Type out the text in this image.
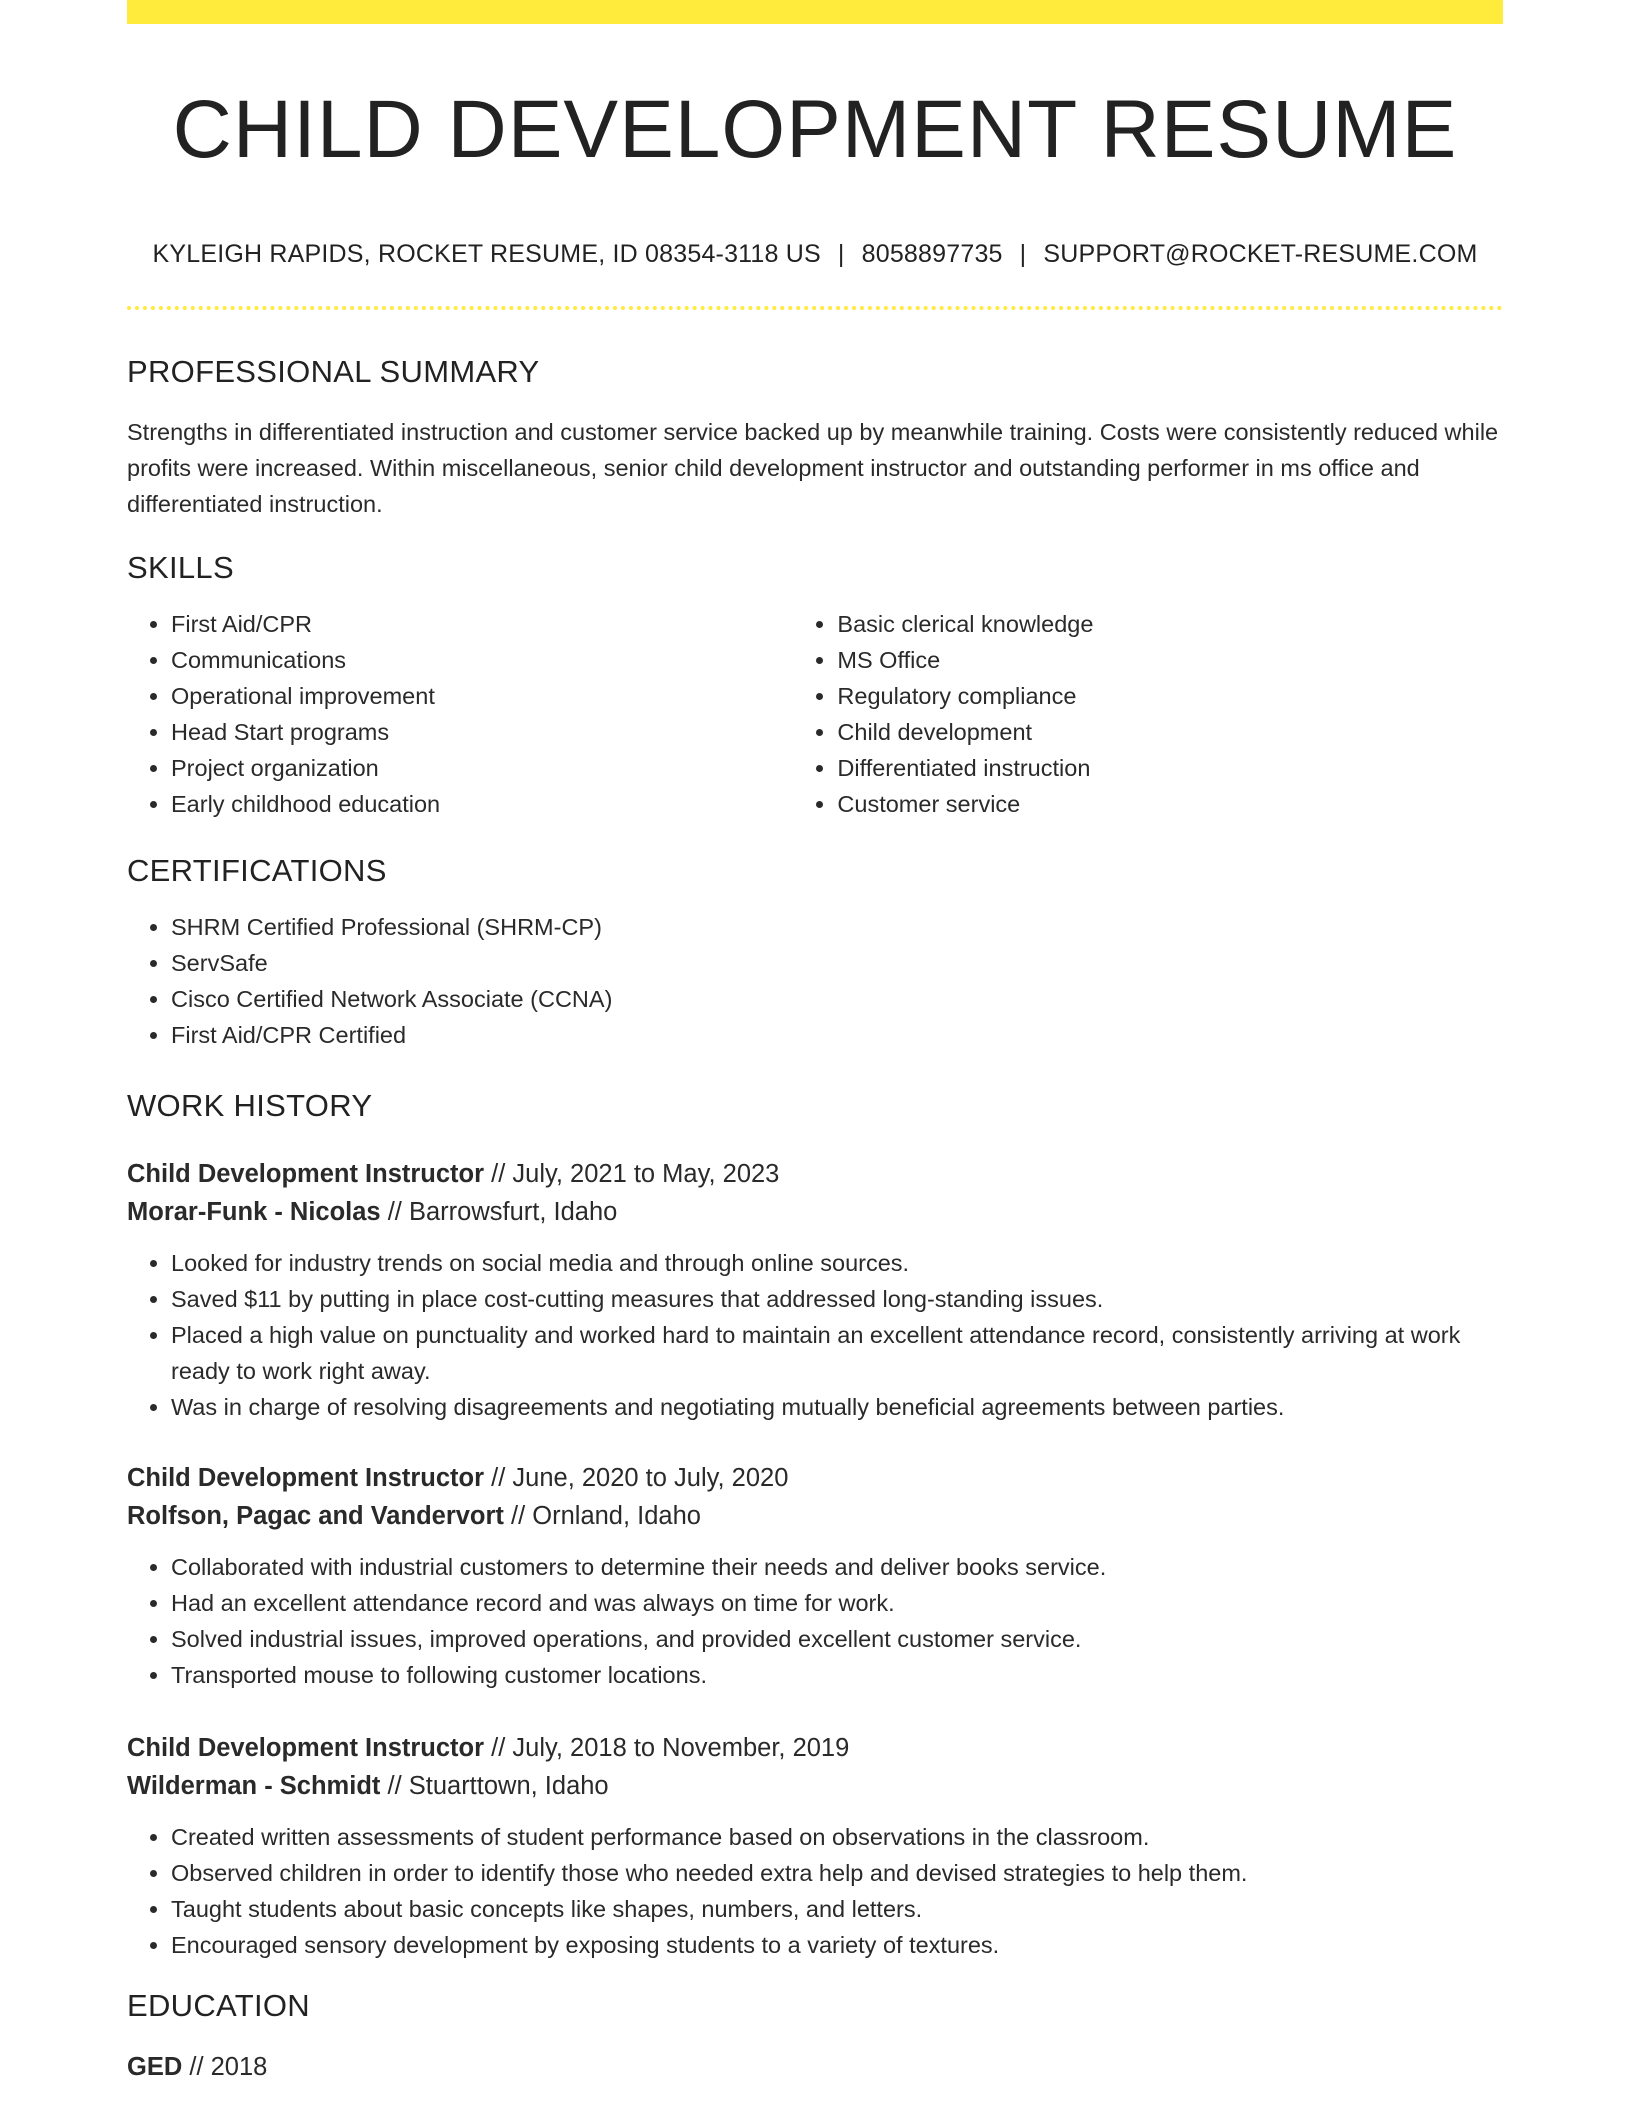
CHILD DEVELOPMENT RESUME
KYLEIGH RAPIDS, ROCKET RESUME, ID 08354-3118 US | 8058897735 | SUPPORT@ROCKET-RESUME.COM
PROFESSIONAL SUMMARY

Strengths in differentiated instruction and customer service backed up by meanwhile training. Costs were consistently reduced while profits were increased. Within miscellaneous, senior child development instructor and outstanding performer in ms office and differentiated instruction.

SKILLS
• First Aid/CPR
• Communications
• Operational improvement
• Head Start programs
• Project organization
• Early childhood education
• Basic clerical knowledge
• MS Office
• Regulatory compliance
• Child development
• Differentiated instruction
• Customer service
CERTIFICATIONS
• SHRM Certified Professional (SHRM-CP)
• ServSafe
• Cisco Certified Network Associate (CCNA)
• First Aid/CPR Certified
WORK HISTORY

Child Development Instructor // July, 2021 to May, 2023

Morar-Funk - Nicolas // Barrowsfurt, Idaho

• Looked for industry trends on social media and through online sources.
• Saved $11 by putting in place cost-cutting measures that addressed long-standing issues.
• Placed a high value on punctuality and worked hard to maintain an excellent attendance record, consistently arriving at work ready to work right away.
• Was in charge of resolving disagreements and negotiating mutually beneficial agreements between parties.

Child Development Instructor // June, 2020 to July, 2020

Rolfson, Pagac and Vandervort // Ornland, Idaho

• Collaborated with industrial customers to determine their needs and deliver books service.
• Had an excellent attendance record and was always on time for work.
• Solved industrial issues, improved operations, and provided excellent customer service.
• Transported mouse to following customer locations.

Child Development Instructor // July, 2018 to November, 2019

Wilderman - Schmidt // Stuarttown, Idaho

• Created written assessments of student performance based on observations in the classroom.
• Observed children in order to identify those who needed extra help and devised strategies to help them.
• Taught students about basic concepts like shapes, numbers, and letters.
• Encouraged sensory development by exposing students to a variety of textures.
EDUCATION

GED // 2018
